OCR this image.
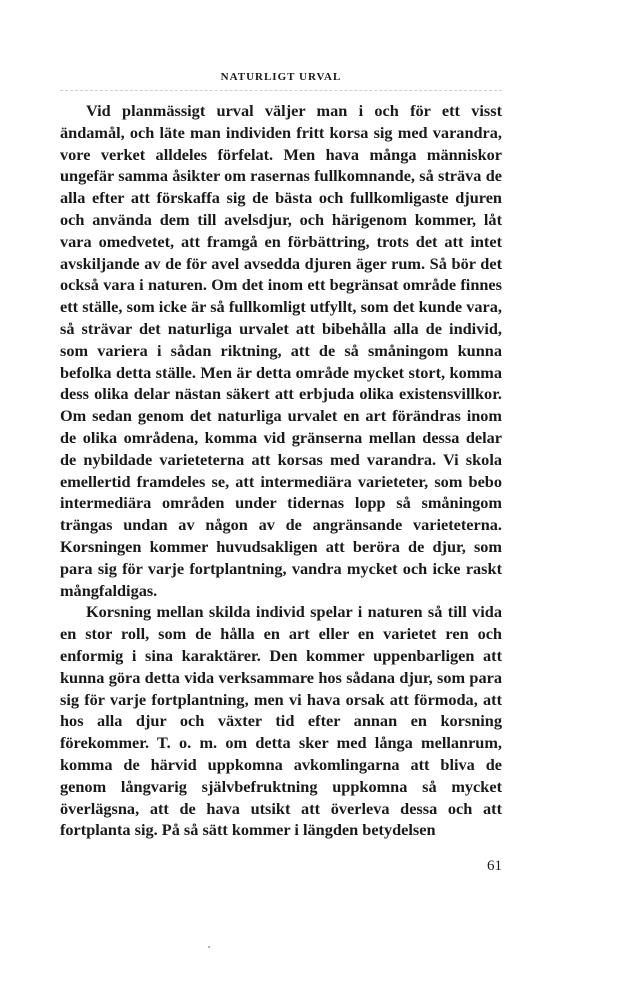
NATURLIGT URVAL

Vid planmässigt urval väljer man i och för ett visst ändamål, och läte man individen fritt korsa sig med varandra, vore verket alldeles förfelat. Men hava många människor ungefär samma åsikter om rasernas fullkomnande, så sträva de alla efter att förskaffa sig de bästa och fullkomligaste djuren och använda dem till avelsdjur, och härigenom kommer, låt vara omedvetet, att framgå en förbättring, trots det att intet avskiljande av de för avel avsedda djuren äger rum. Så bör det också vara i naturen. Om det inom ett begränsat område finnes ett ställe, som icke är så fullkomligt utfyllt, som det kunde vara, så strävar det naturliga urvalet att bibehålla alla de individ, som variera i sådan riktning, att de så småningom kunna befolka detta ställe. Men är detta område mycket stort, komma dess olika delar nästan säkert att erbjuda olika existensvillkor. Om sedan genom det naturliga urvalet en art förändras inom de olika områdena, komma vid gränserna mellan dessa delar de nybildade varieteterna att korsas med varandra. Vi skola emellertid framdeles se, att intermediära varieteter, som bebo intermediära områden under tidernas lopp så småningom trängas undan av någon av de angränsande varieteterna. Korsningen kommer huvudsakligen att beröra de djur, som para sig för varje fortplantning, vandra mycket och icke raskt mångfaldigas.

Korsning mellan skilda individ spelar i naturen så till vida en stor roll, som de hålla en art eller en varietet ren och enformig i sina karaktärer. Den kommer uppenbarligen att kunna göra detta vida verksammare hos sådana djur, som para sig för varje fortplantning, men vi hava orsak att förmoda, att hos alla djur och växter tid efter annan en korsning förekommer. T. o. m. om detta sker med långa mellanrum, komma de härvid uppkomna avkomlingarna att bliva de genom långvarig självbefruktning uppkomna så mycket överlägsna, att de hava utsikt att överleva dessa och att fortplanta sig. På så sätt kommer i längden betydelsen

61
